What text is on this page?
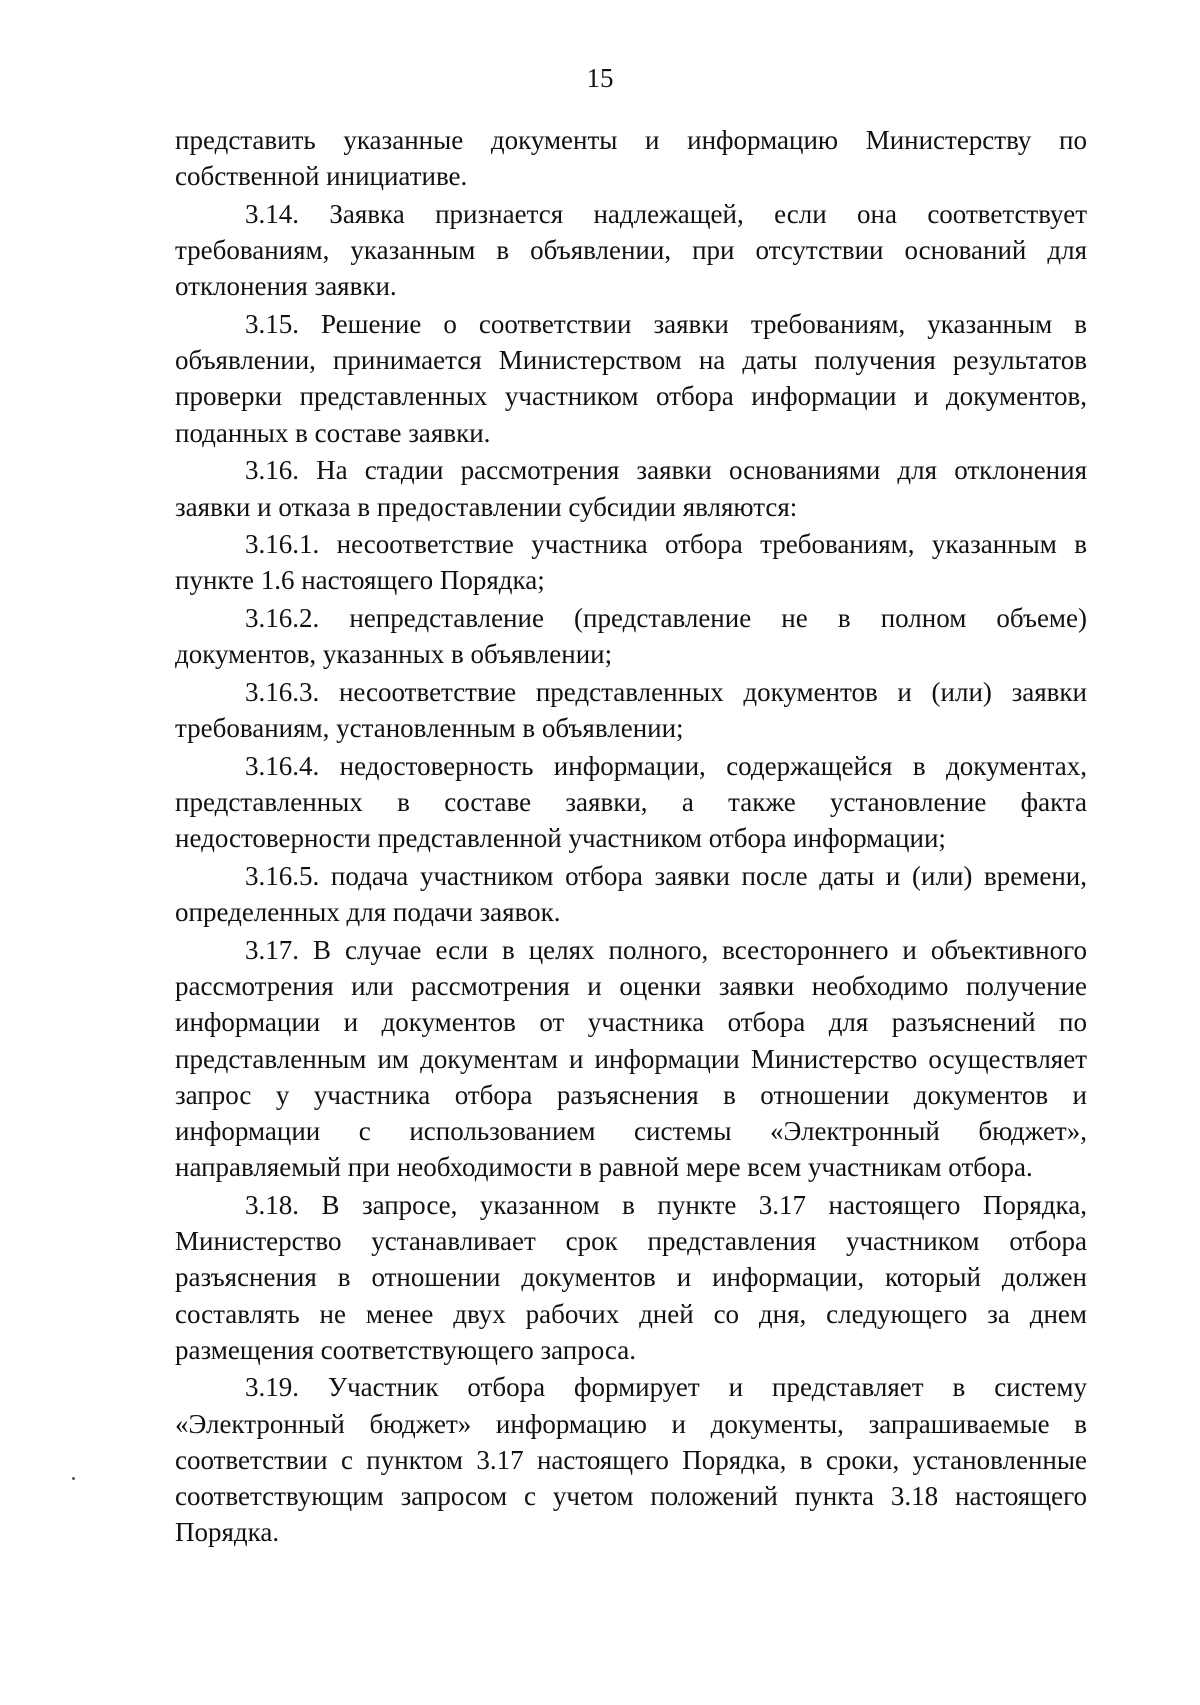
15

представить указанные документы и информацию Министерству по собственной инициативе.

3.14. Заявка признается надлежащей, если она соответствует требованиям, указанным в объявлении, при отсутствии оснований для отклонения заявки.

3.15. Решение о соответствии заявки требованиям, указанным в объявлении, принимается Министерством на даты получения результатов проверки представленных участником отбора информации и документов, поданных в составе заявки.

3.16. На стадии рассмотрения заявки основаниями для отклонения заявки и отказа в предоставлении субсидии являются:

3.16.1. несоответствие участника отбора требованиям, указанным в пункте 1.6 настоящего Порядка;

3.16.2. непредставление (представление не в полном объеме) документов, указанных в объявлении;

3.16.3. несоответствие представленных документов и (или) заявки требованиям, установленным в объявлении;

3.16.4. недостоверность информации, содержащейся в документах, представленных в составе заявки, а также установление факта недостоверности представленной участником отбора информации;

3.16.5. подача участником отбора заявки после даты и (или) времени, определенных для подачи заявок.

3.17. В случае если в целях полного, всестороннего и объективного рассмотрения или рассмотрения и оценки заявки необходимо получение информации и документов от участника отбора для разъяснений по представленным им документам и информации Министерство осуществляет запрос у участника отбора разъяснения в отношении документов и информации с использованием системы «Электронный бюджет», направляемый при необходимости в равной мере всем участникам отбора.

3.18. В запросе, указанном в пункте 3.17 настоящего Порядка, Министерство устанавливает срок представления участником отбора разъяснения в отношении документов и информации, который должен составлять не менее двух рабочих дней со дня, следующего за днем размещения соответствующего запроса.

3.19. Участник отбора формирует и представляет в систему «Электронный бюджет» информацию и документы, запрашиваемые в соответствии с пунктом 3.17 настоящего Порядка, в сроки, установленные соответствующим запросом с учетом положений пункта 3.18 настоящего Порядка.
